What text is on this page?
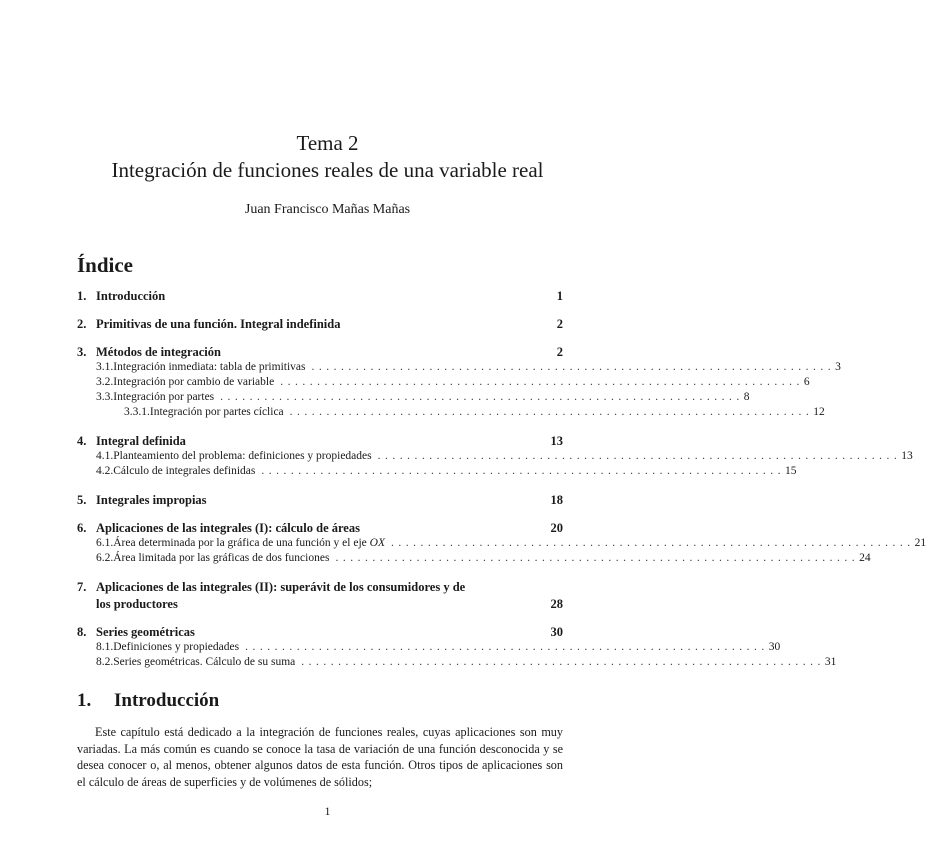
Tema 2
Integración de funciones reales de una variable real
Juan Francisco Mañas Mañas
Índice
1. Introducción	1
2. Primitivas de una función. Integral indefinida	2
3. Métodos de integración	2
3.1. Integración inmediata: tabla de primitivas ....................................................................... 3
3.2. Integración por cambio de variable ....................................................................... 6
3.3. Integración por partes ....................................................................... 8
3.3.1. Integración por partes cíclica ....................................................................... 12
4. Integral definida	13
4.1. Planteamiento del problema: definiciones y propiedades ....................................................................... 13
4.2. Cálculo de integrales definidas ....................................................................... 15
5. Integrales impropias	18
6. Aplicaciones de las integrales (I): cálculo de áreas	20
6.1. Área determinada por la gráfica de una función y el eje OX ....................................................................... 21
6.2. Área limitada por las gráficas de dos funciones ....................................................................... 24
7. Aplicaciones de las integrales (II): superávit de los consumidores y de
los productores	28
8. Series geométricas	30
8.1. Definiciones y propiedades ....................................................................... 30
8.2. Series geométricas. Cálculo de su suma ....................................................................... 31
1. Introducción
Este capítulo está dedicado a la integración de funciones reales, cuyas aplicaciones son muy variadas. La más común es cuando se conoce la tasa de variación de una función desconocida y se desea conocer o, al menos, obtener algunos datos de esta función. Otros tipos de aplicaciones son el cálculo de áreas de superficies y de volúmenes de sólidos;
1
